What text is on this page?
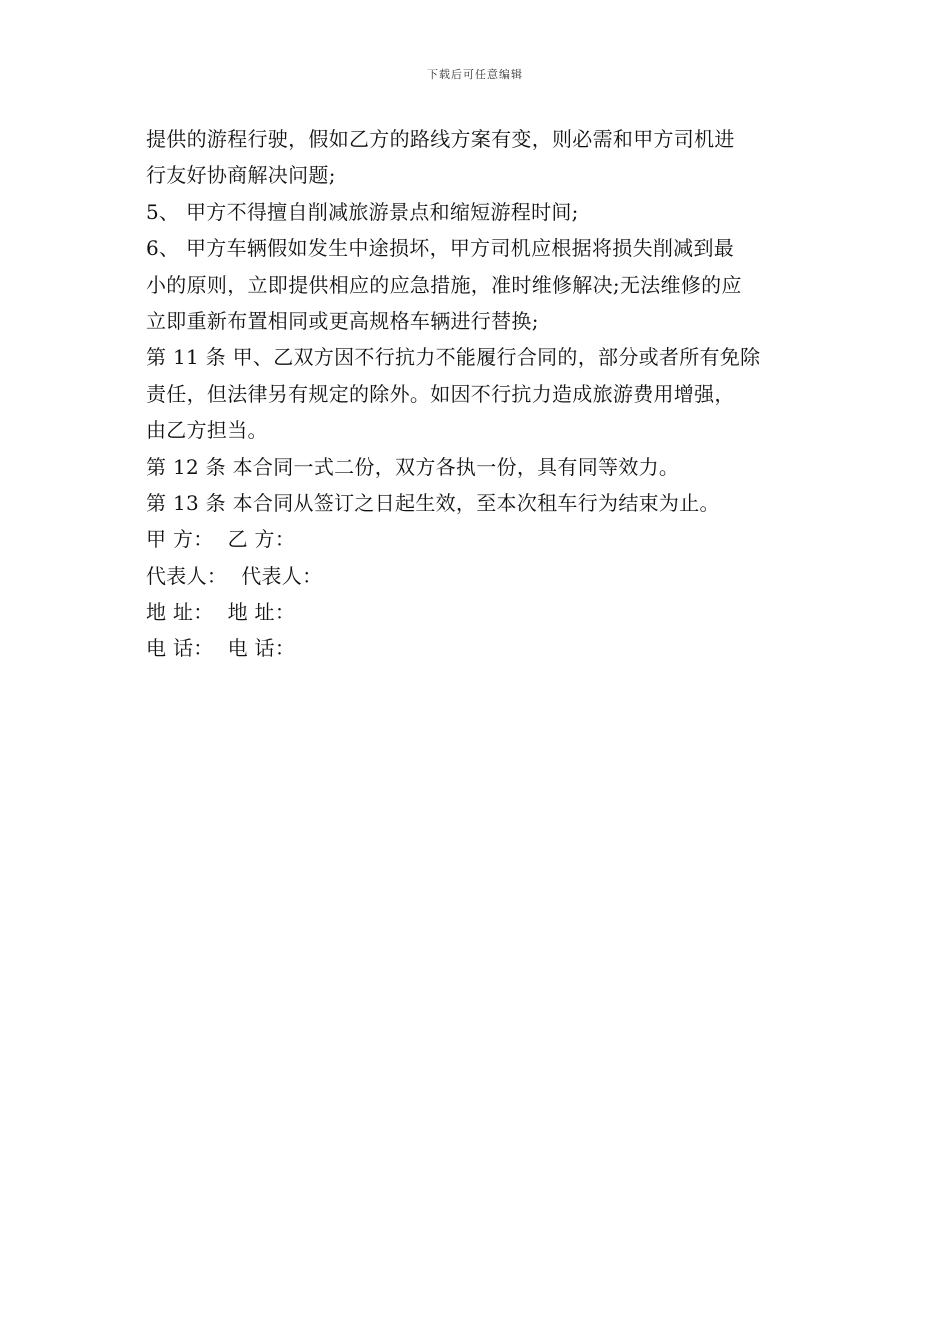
下载后可任意编辑
提供的游程行驶，假如乙方的路线方案有变，则必需和甲方司机进
行友好协商解决问题;
5、 甲方不得擅自削减旅游景点和缩短游程时间;
6、 甲方车辆假如发生中途损坏，甲方司机应根据将损失削减到最
小的原则，立即提供相应的应急措施，准时维修解决;无法维修的应
立即重新布置相同或更高规格车辆进行替换;
第 11 条 甲、乙双方因不行抗力不能履行合同的，部分或者所有免除
责任，但法律另有规定的除外。如因不行抗力造成旅游费用增强，
由乙方担当。
第 12 条 本合同一式二份，双方各执一份，具有同等效力。
第 13 条 本合同从签订之日起生效，至本次租车行为结束为止。
甲 方： 乙 方：
代表人： 代表人：
地 址： 地 址：
电 话： 电 话：
